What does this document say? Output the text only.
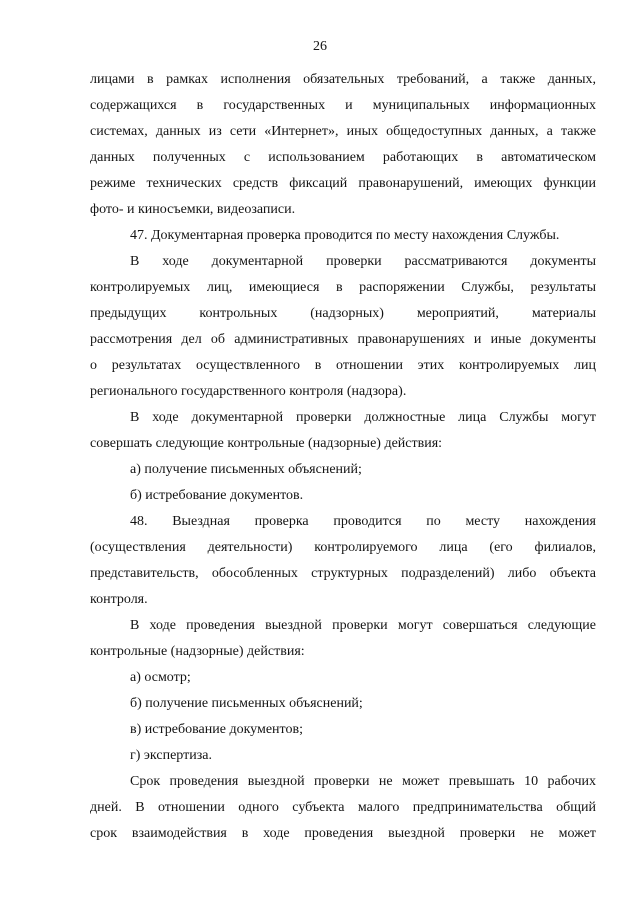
26
лицами в рамках исполнения обязательных требований, а также данных,
содержащихся в государственных и муниципальных информационных
системах, данных из сети «Интернет», иных общедоступных данных, а также
данных полученных с использованием работающих в автоматическом
режиме технических средств фиксаций правонарушений, имеющих функции
фото- и киносъемки, видеозаписи.
47. Документарная проверка проводится по месту нахождения Службы.
В ходе документарной проверки рассматриваются документы
контролируемых лиц, имеющиеся в распоряжении Службы, результаты
предыдущих контрольных (надзорных) мероприятий, материалы
рассмотрения дел об административных правонарушениях и иные документы
о результатах осуществленного в отношении этих контролируемых лиц
регионального государственного контроля (надзора).
В ходе документарной проверки должностные лица Службы могут
совершать следующие контрольные (надзорные) действия:
а) получение письменных объяснений;
б) истребование документов.
48. Выездная проверка проводится по месту нахождения
(осуществления деятельности) контролируемого лица (его филиалов,
представительств, обособленных структурных подразделений) либо объекта
контроля.
В ходе проведения выездной проверки могут совершаться следующие
контрольные (надзорные) действия:
а) осмотр;
б) получение письменных объяснений;
в) истребование документов;
г) экспертиза.
Срок проведения выездной проверки не может превышать 10 рабочих
дней. В отношении одного субъекта малого предпринимательства общий
срок взаимодействия в ходе проведения выездной проверки не может
